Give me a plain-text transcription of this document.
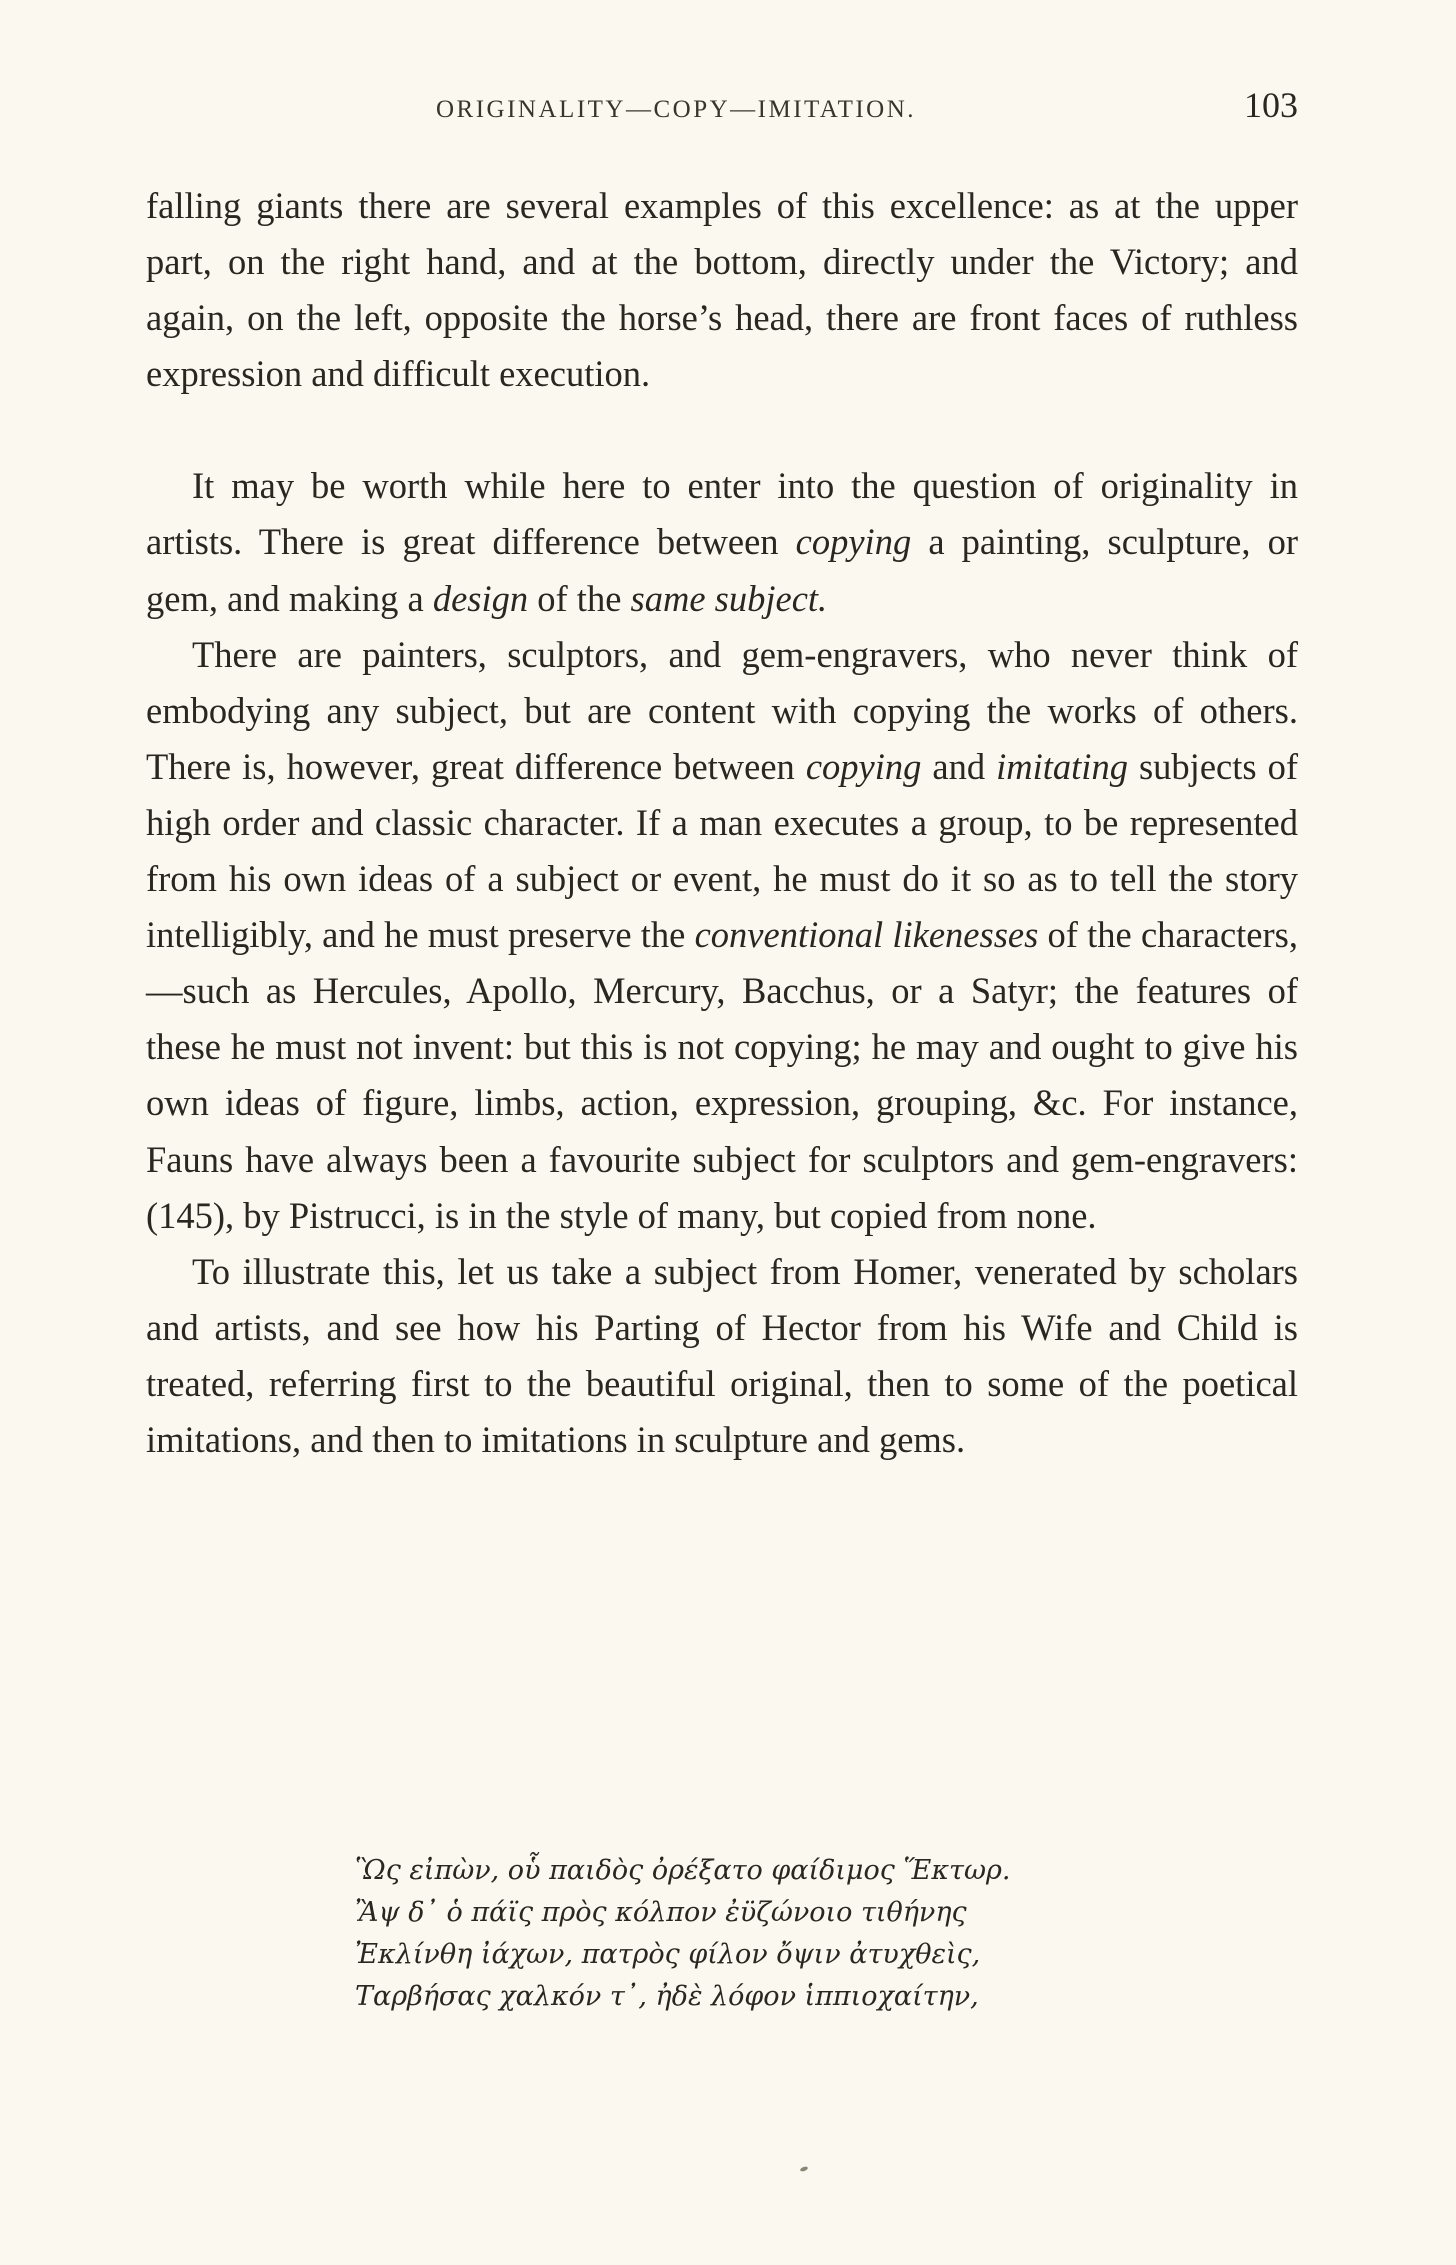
ORIGINALITY—COPY—IMITATION.	103

falling giants there are several examples of this excellence: as at the upper part, on the right hand, and at the bottom, directly under the Victory; and again, on the left, opposite the horse’s head, there are front faces of ruthless expression and difficult execution.

It may be worth while here to enter into the question of originality in artists. There is great difference between copying a painting, sculpture, or gem, and making a design of the same subject.

There are painters, sculptors, and gem-engravers, who never think of embodying any subject, but are content with copying the works of others. There is, however, great difference between copying and imitating subjects of high order and classic character. If a man executes a group, to be represented from his own ideas of a subject or event, he must do it so as to tell the story intelligibly, and he must preserve the conventional likenesses of the characters,—such as Hercules, Apollo, Mercury, Bacchus, or a Satyr; the features of these he must not invent: but this is not copying; he may and ought to give his own ideas of figure, limbs, action, expression, grouping, &c. For instance, Fauns have always been a favourite subject for sculptors and gem-engravers: (145), by Pistrucci, is in the style of many, but copied from none.

To illustrate this, let us take a subject from Homer, venerated by scholars and artists, and see how his Parting of Hector from his Wife and Child is treated, referring first to the beautiful original, then to some of the poetical imitations, and then to imitations in sculpture and gems.

Ὣς εἰπὼν, οὗ παιδὸς ὀρέξατο φαίδιμος Ἕκτωρ.
Ἂψ δ᾽ ὁ πάϊς πρὸς κόλπον ἐϋζώνοιο τιθήνης
Ἐκλίνθη ἰάχων, πατρὸς φίλον ὄψιν ἀτυχθεὶς,
Ταρβήσας χαλκόν τ᾽, ἠδὲ λόφον ἱππιοχαίτην,
